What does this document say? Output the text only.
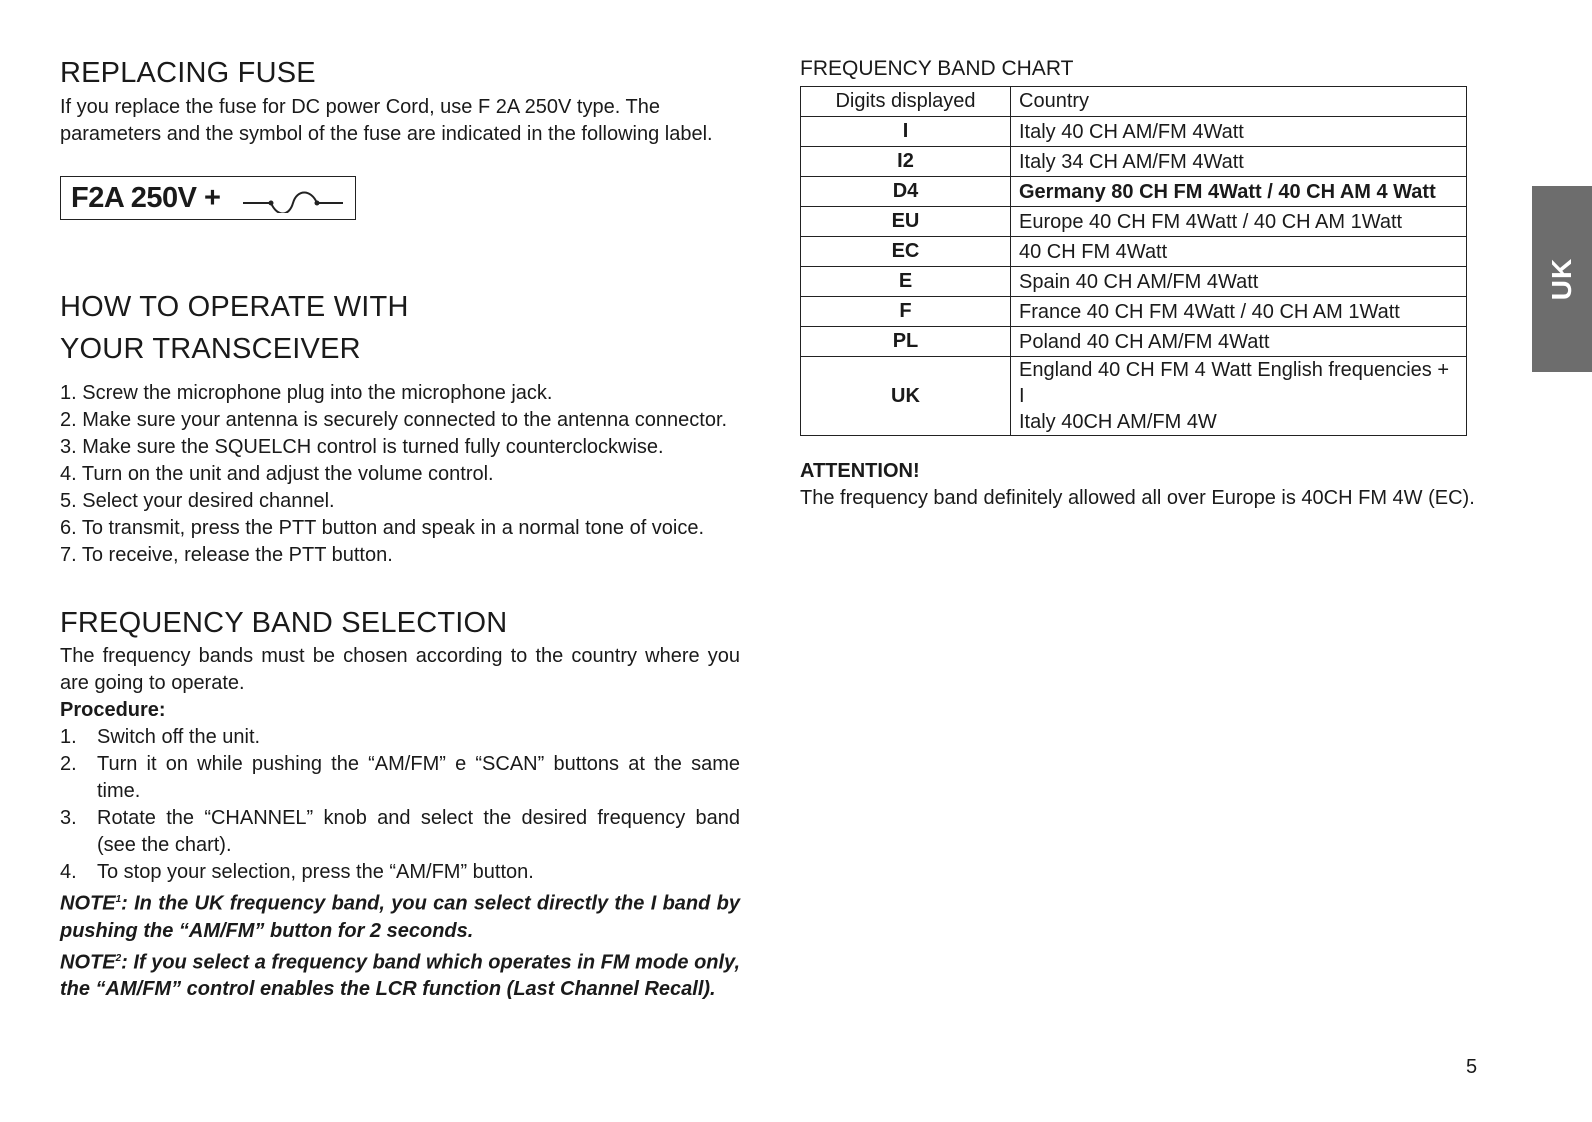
REPLACING FUSE

If you replace the fuse for DC power Cord, use F 2A 250V type. The parameters and the symbol of the fuse are indicated in the following label.

F2A 250V +
HOW TO OPERATE WITH
YOUR TRANSCEIVER
1. Screw the microphone plug into the microphone jack.
2. Make sure your antenna is securely connected to the antenna connector.
3. Make sure the SQUELCH control is turned fully counterclockwise.
4. Turn on the unit and adjust the volume control.
5. Select your desired channel.
6. To transmit, press the PTT button and speak in a normal tone of voice.
7. To receive, release the PTT button.
FREQUENCY BAND SELECTION

The frequency bands must be chosen according to the country where you are going to operate.

Procedure:
1.	Switch off the unit.
2.	Turn it on while pushing the “AM/FM” e “SCAN” buttons at the same time.
3.	Rotate the “CHANNEL” knob and select the desired frequency band (see the chart).
4.	To stop your selection, press the “AM/FM” button.

NOTE$^1$: In the UK frequency band, you can select directly the I band by pushing the “AM/FM” button for 2 seconds.

NOTE$^2$: If you select a frequency band which operates in FM mode only, the “AM/FM” control enables the LCR function (Last Channel Recall).

FREQUENCY BAND CHART
Digits displayed	Country
I	Italy 40 CH AM/FM 4Watt
I2	Italy 34 CH AM/FM 4Watt
D4	Germany 80 CH FM 4Watt / 40 CH AM 4 Watt
EU	Europe 40 CH FM 4Watt / 40 CH AM 1Watt
EC	40 CH FM 4Watt
E	Spain 40 CH AM/FM 4Watt
F	France 40 CH FM 4Watt / 40 CH AM 1Watt
PL	Poland 40 CH AM/FM 4Watt
UK	England 40 CH FM 4 Watt English frequencies + I
Italy 40CH AM/FM 4W
ATTENTION!
The frequency band definitely allowed all over Europe is 40CH FM 4W (EC).
UK
5
